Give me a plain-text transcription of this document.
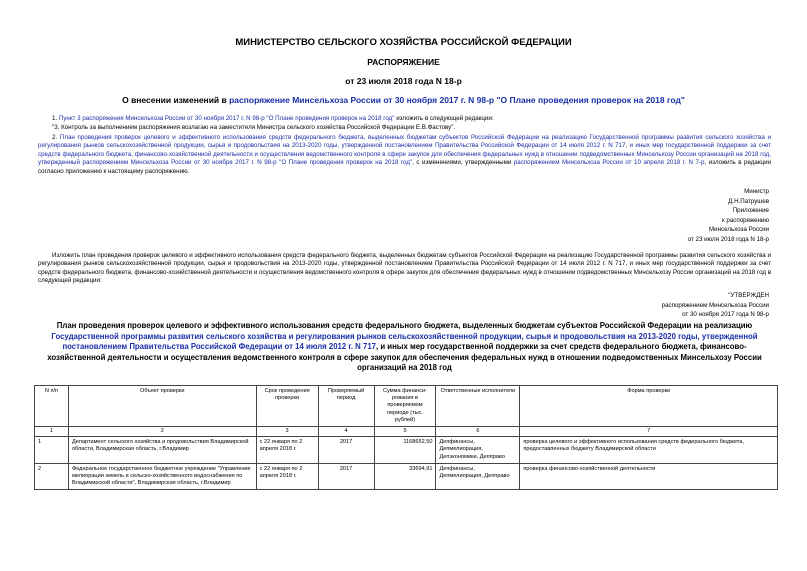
МИНИСТЕРСТВО СЕЛЬСКОГО ХОЗЯЙСТВА РОССИЙСКОЙ ФЕДЕРАЦИИ
РАСПОРЯЖЕНИЕ
от 23 июля 2018 года N 18-р
О внесении изменений в распоряжение Минсельхоза России от 30 ноября 2017 г. N 98-р "О Плане проведения проверок на 2018 год"
1. Пункт 3 распоряжения Минсельхоза России от 30 ноября 2017 г. N 98-р "О Плане проведения проверок на 2018 год" изложить в следующей редакции:
"3. Контроль за выполнением распоряжения возлагаю на заместителя Министра сельского хозяйства Российской Федерации Е.В.Фастову".
2. План проведения проверок целевого и эффективного использования средств федерального бюджета, выделенных бюджетам субъектов Российской Федерации на реализацию Государственной программы развития сельского хозяйства и регулирования рынков сельскохозяйственной продукции, сырья и продовольствия на 2013-2020 годы, утвержденной постановлением Правительства Российской Федерации от 14 июля 2012 г. N 717, и иных мер государственной поддержки за счет средств федерального бюджета, финансово-хозяйственной деятельности и осуществления ведомственного контроля в сфере закупок для обеспечения федеральных нужд в отношении подведомственных Минсельхозу России организаций на 2018 год, утвержденный распоряжением Минсельхоза России от 30 ноября 2017 г. N 98-р "О Плане проведения проверок на 2018 год", с изменениями, утвержденными распоряжением Минсельхоза России от 10 апреля 2018 г. N 7-р, изложить в редакции согласно приложению к настоящему распоряжению.
Министр
Д.Н.Патрушев
Приложение
к распоряжению
Минсельхоза России
от 23 июля 2018 года N 18-р
Изложить план проведения проверок целевого и эффективного использования средств федерального бюджета, выделенных бюджетам субъектов Российской Федерации на реализацию Государственной программы развития сельского хозяйства и регулирования рынков сельскохозяйственной продукции, сырья и продовольствия на 2013-2020 годы, утвержденной постановлением Правительства Российской Федерации от 14 июля 2012 г. N 717, и иных мер государственной поддержки за счет средств федерального бюджета, финансово-хозяйственной деятельности и осуществления ведомственного контроля в сфере закупок для обеспечения федеральных нужд в отношении подведомственных Минсельхозу России организаций на 2018 год в следующей редакции:
"УТВЕРЖДЕН
распоряжением Минсельхоза России
от 30 ноября 2017 года N 98-р
План проведения проверок целевого и эффективного использования средств федерального бюджета, выделенных бюджетам субъектов Российской Федерации на реализацию Государственной программы развития сельского хозяйства и регулирования рынков сельскохозяйственной продукции, сырья и продовольствия на 2013-2020 годы, утвержденной постановлением Правительства Российской Федерации от 14 июля 2012 г. N 717, и иных мер государственной поддержки за счет средств федерального бюджета, финансово-хозяйственной деятельности и осуществления ведомственного контроля в сфере закупок для обеспечения федеральных нужд в отношении подведомственных Минсельхозу России организаций на 2018 год
N п/п	Объект проверки	Срок проведения проверки	Проверяемый период	Сумма финанси-рования в проверяемом периоде (тыс. рублей)	Ответственные исполнители	Форма проверки
1	2	3	4	5	6	7
1	Департамент сельского хозяйства и продовольствия Владимирской области, Владимирская область, г.Владимир	с 22 января по 2 апреля 2018 г.	2017	1168652,50	Депфинансы, Депмелиорация, Депэкономики, Депправо	проверка целевого и эффективного использования средств федерального бюджета, предоставленных бюджету Владимирской области
2	Федеральное государственное бюджетное учреждение "Управление мелиорации земель и сельско-хозяйственного водоснабжения по Владимирской области", Владимирская область, г.Владимир	с 22 января по 2 апреля 2018 г.	2017	33694,91	Депфинансы, Депмелиорация, Депправо	проверка финансово-хозяйственной деятельности
